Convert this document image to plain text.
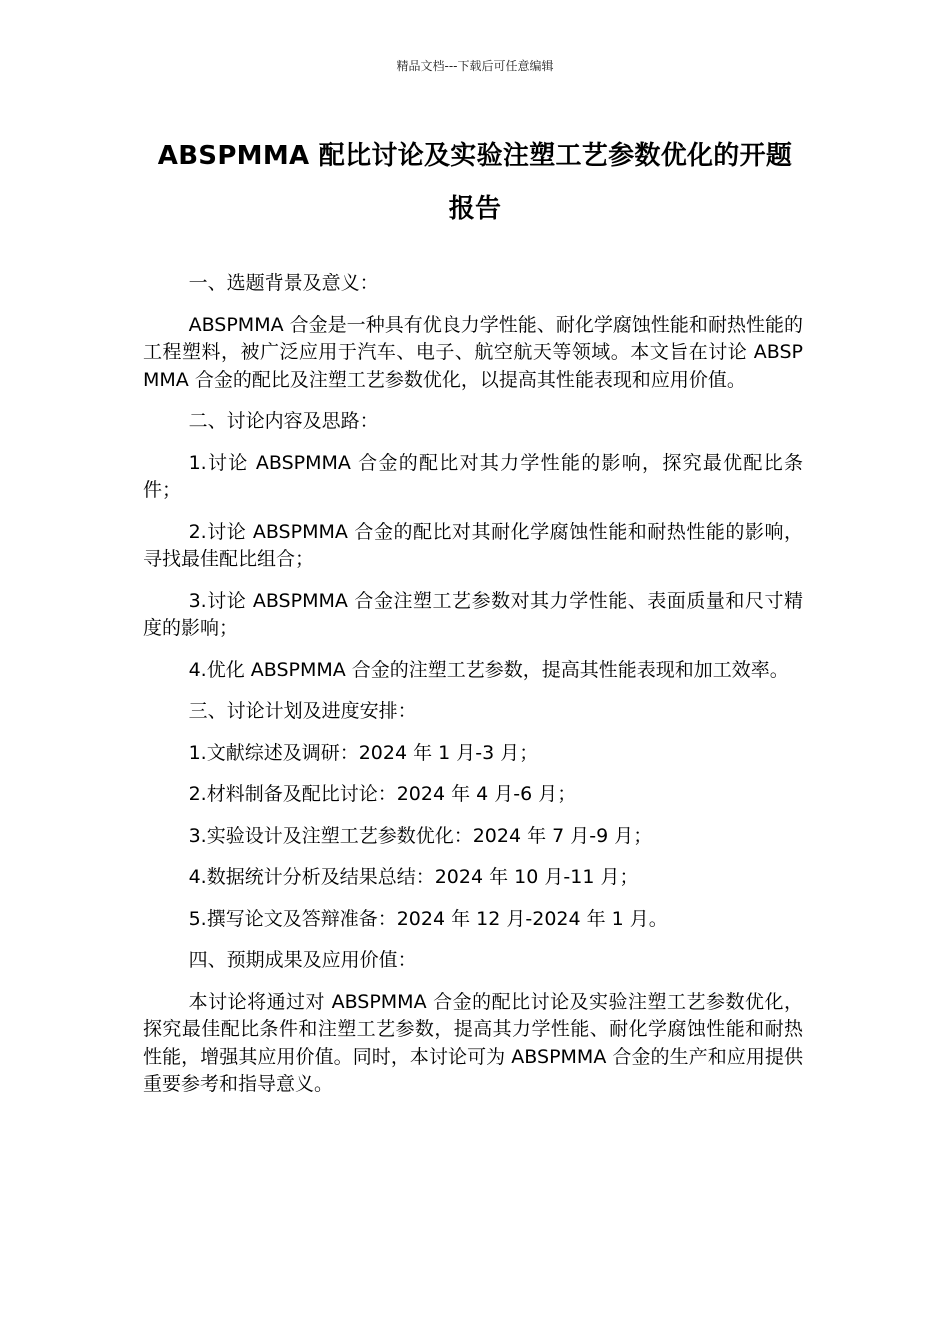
精品文档---下载后可任意编辑
ABSPMMA 配比讨论及实验注塑工艺参数优化的开题报告

一、选题背景及意义：

ABSPMMA 合金是一种具有优良力学性能、耐化学腐蚀性能和耐热性能的工程塑料，被广泛应用于汽车、电子、航空航天等领域。本文旨在讨论 ABSPMMA 合金的配比及注塑工艺参数优化，以提高其性能表现和应用价值。

二、讨论内容及思路：

1.讨论 ABSPMMA 合金的配比对其力学性能的影响，探究最优配比条件；

2.讨论 ABSPMMA 合金的配比对其耐化学腐蚀性能和耐热性能的影响，寻找最佳配比组合；

3.讨论 ABSPMMA 合金注塑工艺参数对其力学性能、表面质量和尺寸精度的影响；

4.优化 ABSPMMA 合金的注塑工艺参数，提高其性能表现和加工效率。

三、讨论计划及进度安排：

1.文献综述及调研：2024 年 1 月-3 月；

2.材料制备及配比讨论：2024 年 4 月-6 月；

3.实验设计及注塑工艺参数优化：2024 年 7 月-9 月；

4.数据统计分析及结果总结：2024 年 10 月-11 月；

5.撰写论文及答辩准备：2024 年 12 月-2024 年 1 月。

四、预期成果及应用价值：

本讨论将通过对 ABSPMMA 合金的配比讨论及实验注塑工艺参数优化，探究最佳配比条件和注塑工艺参数，提高其力学性能、耐化学腐蚀性能和耐热性能，增强其应用价值。同时，本讨论可为 ABSPMMA 合金的生产和应用提供重要参考和指导意义。
